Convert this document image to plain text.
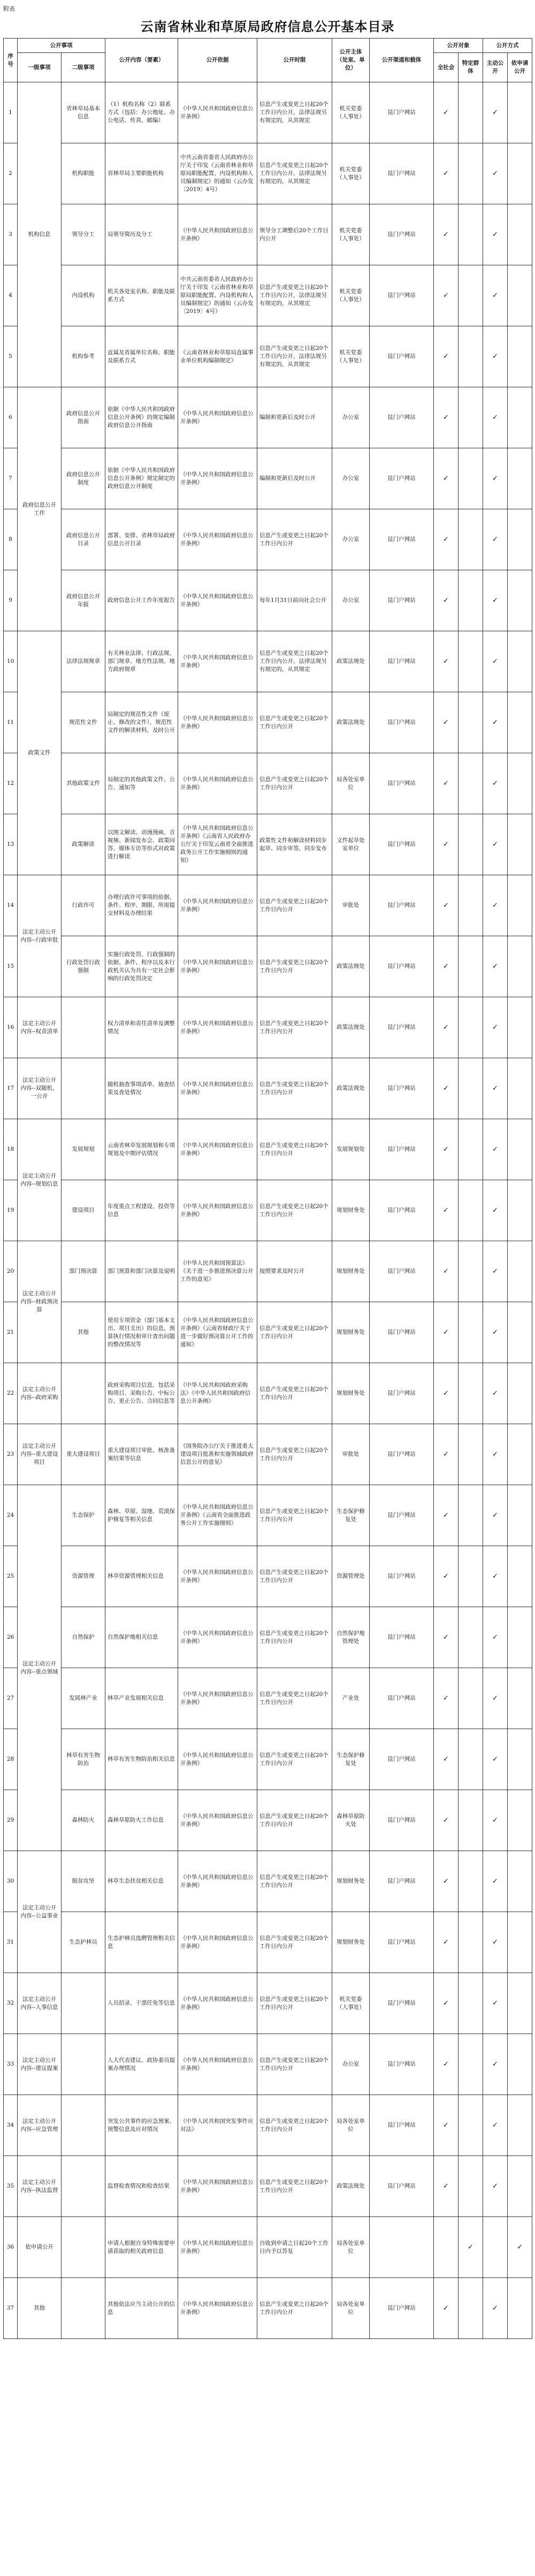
附表
云南省林业和草原局政府信息公开基本目录
序号	公开事项		公开内容（要素）	公开依据	公开时限	公开主体（处室、单位）	公开渠道和载体	公开对象		公开方式	
	一级事项	二级事项						全社会	特定群体	主动公开	依申请公开
1	机构信息	省林草局基本信息	（1）机构名称（2）联系方式（包括：办公地址、办公电话、传真、邮编）	《中华人民共和国政府信息公开条例》	信息产生或变更之日起20个工作日内公开，法律法规另有规定的，从其规定	机关党委（人事处）	昆门户网站	✓		✓	
2		机构职能	省林草局主要职能机构	中共云南省委省人民政府办公厅关于印发《云南省林业和草原局职能配置、内设机构和人员编制规定》的通知（云办发〔2019〕4号）	信息产生或变更之日起20个工作日内公开，法律法规另有规定的，从其规定	机关党委（人事处）	昆门户网站	✓		✓	
3		领导分工	局领导简历及分工	《中华人民共和国政府信息公开条例》	领导分工调整后20个工作日内公开	机关党委（人事处）	昆门户网站	✓		✓	
4		内设机构	机关各处室名称、职能及联系方式	中共云南省委省人民政府办公厅关于印发《云南省林业和草原局职能配置、内设机构和人员编制规定》的通知（云办发〔2019〕4号）	信息产生或变更之日起20个工作日内公开，法律法规另有规定的，从其规定	机关党委（人事处）	昆门户网站	✓		✓	
5		机构参考	直属及省属单位名称、职能及联系方式	《云南省林业和草原局直属事业单位机构编制规定》	信息产生或变更之日起20个工作日内公开，法律法规另有规定的，从其规定	机关党委（人事处）	昆门户网站	✓		✓	
6	政府信息公开工作	政府信息公开指南	依据《中华人民共和国政府信息公开条例》的规定编制政府信息公开指南	《中华人民共和国政府信息公开条例》	编制和更新后及时公开	办公室	昆门户网站	✓		✓	
7		政府信息公开制度	依据《中华人民共和国政府信息公开条例》规定制定的政府信息公开制度	《中华人民共和国政府信息公开条例》	编制和更新后及时公开	办公室	昆门户网站	✓		✓	
8		政府信息公开目录	部署、安排、省林草局政府信息公开目录	《中华人民共和国政府信息公开条例》	信息产生或变更之日起20个工作日内公开	办公室	昆门户网站	✓		✓	
9		政府信息公开年报	政府信息公开工作年度报告	《中华人民共和国政府信息公开条例》	每年1月31日前向社会公开	办公室	昆门户网站	✓		✓	
10	政策文件	法律法规规章	有关林业法律、行政法规、部门规章、地方性法规、地方政府规章	《中华人民共和国政府信息公开条例》	信息产生或变更之日起20个工作日内公开，法律法规另有规定的，从其规定	政策法规处	昆门户网站	✓		✓	
11		规范性文件	局制定的规范性文件（废止、修改的文件），规范性文件的解读材料，及时公开	《中华人民共和国政府信息公开条例》	信息产生或变更之日起20个工作日内公开	政策法规处	昆门户网站	✓		✓	
12		其他政策文件	局制定的其他政策文件、公告、通知等	《中华人民共和国政府信息公开条例》	信息产生或变更之日起20个工作日内公开	局各处室单位	昆门户网站	✓		✓	
13		政策解读	以图文解读、动漫漫画、音视频、新闻发布会、政策问答、媒体专访等形式对政策进行解读	《中华人民共和国政府信息公开条例》《云南省人民政府办公厅关于印发云南省全面推进政务公开工作实施细则的通知》	政策性文件和解读材料同步起草、同步审签、同步发布	文件起草处室单位	昆门户网站	✓		✓	
14	法定主动公开内容--行政审批	行政许可	办理行政许可事项的依据、条件、程序、期限、所需提交材料及办理结果	《中华人民共和国政府信息公开条例》	信息产生或变更之日起20个工作日内公开	审批处	昆门户网站	✓		✓	
15		行政处罚行政强制	实施行政处罚、行政强制的依据、条件、程序以及本行政机关认为具有一定社会影响的行政处罚决定	《中华人民共和国政府信息公开条例》	信息产生或变更之日起20个工作日内公开	政策法规处	昆门户网站	✓		✓	
16	法定主动公开内容--权责清单		权力清单和责任清单及调整情况	《中华人民共和国政府信息公开条例》	信息产生或变更之日起20个工作日内公开	政策法规处	昆门户网站	✓		✓	
17	法定主动公开内容--双随机、一公开		随机抽查事项清单、抽查结果及查处情况	《中华人民共和国政府信息公开条例》	信息产生或变更之日起20个工作日内公开	政策法规处	昆门户网站	✓		✓	
18	法定主动公开内容--规划信息	发展规划	云南省林草发展规划和专项规划及中期评估情况	《中华人民共和国政府信息公开条例》	信息产生或变更之日起20个工作日内公开	发展规划处	昆门户网站	✓		✓	
19		建设项目	年度重点工程建设、投资等信息	《中华人民共和国政府信息公开条例》	信息产生或变更之日起20个工作日内公开	规划财务处	昆门户网站	✓		✓	
20	法定主动公开内容--财政预决算	部门预决算	部门预算和部门决算及说明	《中华人民共和国预算法》《关于进一步推进预决算公开工作的意见》	按照要求及时公开	规划财务处	昆门户网站	✓		✓	
21		其他	使用专项资金（部门基本支出、项目支出）的信息，预算执行情况和审计查出问题的整改情况等	《中华人民共和国政府信息公开条例》《云南省财政厅关于进一步做好预决算公开工作的通知》	信息产生或变更之日起20个工作日内公开	规划财务处	昆门户网站	✓		✓	
22	法定主动公开内容--政府采购		政府采购项目信息，包括采购项目、采购公告、中标公告、更正公告、合同信息等	《中华人民共和国政府采购法》《中华人民共和国政府信息公开条例》	信息产生或变更之日起20个工作日内公开	规划财务处	昆门户网站	✓		✓	
23	法定主动公开内容--重大建设项目	重大建设项目	重大建设项目审批、核准备案结果等信息	《国务院办公厅关于推进重大建设项目批准和实施领域政府信息公开的意见》	信息产生或变更之日起20个工作日内公开	审批处	昆门户网站	✓		✓	
24	法定主动公开内容--重点领域	生态保护	森林、草原、湿地、荒漠保护修复等相关信息	《中华人民共和国政府信息公开条例》《云南省全面推进政务公开工作实施细则》	信息产生或变更之日起20个工作日内公开	生态保护修复处	昆门户网站	✓		✓	
25		资源管理	林草资源管理相关信息	《中华人民共和国政府信息公开条例》	信息产生或变更之日起20个工作日内公开	资源管理处	昆门户网站	✓		✓	
26		自然保护	自然保护地相关信息	《中华人民共和国政府信息公开条例》	信息产生或变更之日起20个工作日内公开	自然保护地管理处	昆门户网站	✓		✓	
27		发展林产业	林草产业发展相关信息	《中华人民共和国政府信息公开条例》	信息产生或变更之日起20个工作日内公开	产业处	昆门户网站	✓		✓	
28		林草有害生物防治	林草有害生物防治相关信息	《中华人民共和国政府信息公开条例》	信息产生或变更之日起20个工作日内公开	生态保护修复处	昆门户网站	✓		✓	
29		森林防火	森林草原防火工作信息	《中华人民共和国政府信息公开条例》	信息产生或变更之日起20个工作日内公开	森林草原防火处	昆门户网站	✓		✓	
30	法定主动公开内容--公益事业	脱贫攻坚	林草生态扶贫相关信息	《中华人民共和国政府信息公开条例》	信息产生或变更之日起20个工作日内公开	规划财务处	昆门户网站	✓		✓	
31		生态护林员	生态护林员选聘管理相关信息	《中华人民共和国政府信息公开条例》	信息产生或变更之日起20个工作日内公开	规划财务处	昆门户网站	✓		✓	
32	法定主动公开内容--人事信息		人员招录、干部任免等信息	《中华人民共和国政府信息公开条例》	信息产生或变更之日起20个工作日内公开	机关党委（人事处）	昆门户网站	✓		✓	
33	法定主动公开内容--建议提案		人大代表建议、政协委员提案办理情况	《中华人民共和国政府信息公开条例》	信息产生或变更之日起20个工作日内公开	办公室	昆门户网站	✓		✓	
34	法定主动公开内容--应急管理		突发公共事件的应急预案、预警信息及应对情况	《中华人民共和国突发事件应对法》	信息产生或变更之日起20个工作日内公开	局各处室单位	昆门户网站	✓		✓	
35	法定主动公开内容--执法监督		监督检查情况和检查结果	《中华人民共和国政府信息公开条例》	信息产生或变更之日起20个工作日内公开	政策法规处	昆门户网站	✓		✓	
36	依申请公开		申请人根据自身特殊需要申请获取的相关政府信息	《中华人民共和国政府信息公开条例》	自收到申请之日起20个工作日内予以答复	局各处室单位			✓		✓
37	其他		其他依法应当主动公开的信息	《中华人民共和国政府信息公开条例》	信息产生或变更之日起20个工作日内公开	局各处室单位	昆门户网站	✓		✓	
